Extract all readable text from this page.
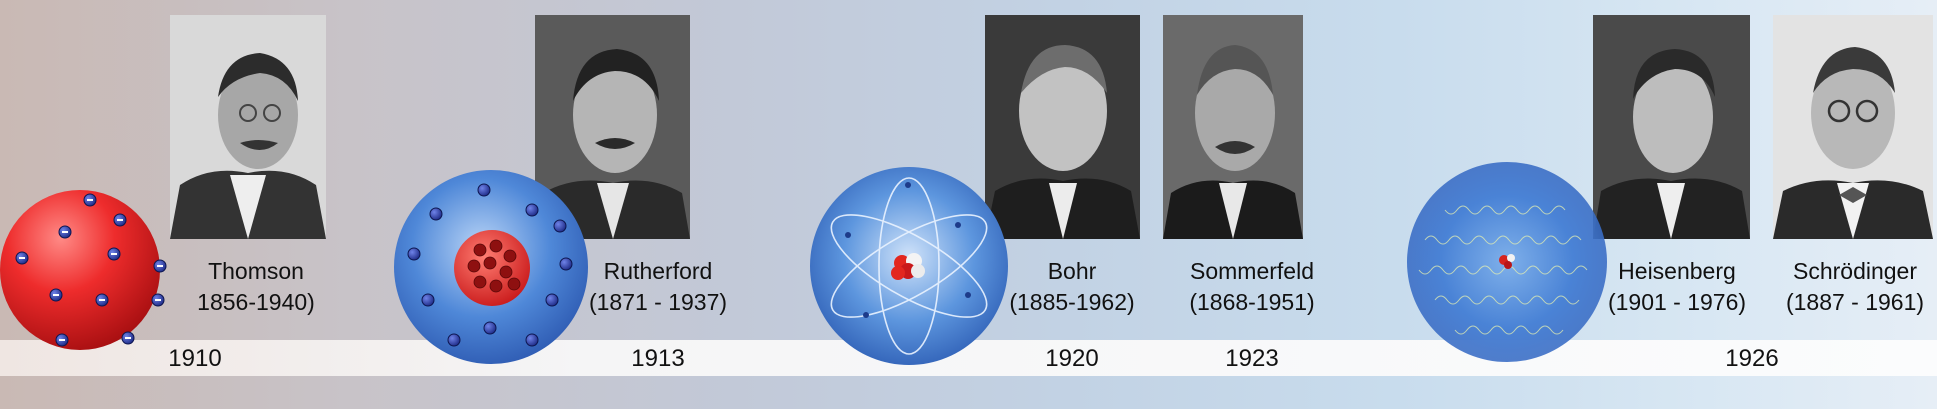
1910	1913	1920	1923	1926
Thomson
1856-1940)
Rutherford
(1871 - 1937)
Bohr
(1885-1962)
Sommerfeld
(1868-1951)
Heisenberg
(1901 - 1976)
Schrödinger
(1887 - 1961)
